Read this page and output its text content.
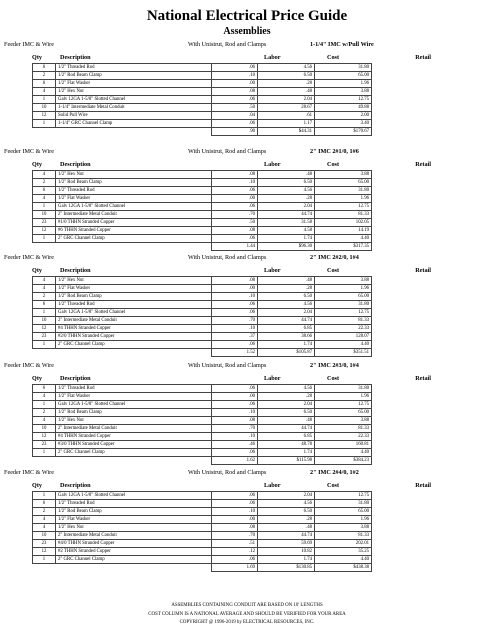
National Electrical Price Guide
Assemblies
Feeder IMC & Wire	With Unistrut, Rod and Clamps	1-1/4" IMC w/Pull Wire
Qty	Description	Labor	Cost	Retail
6	1/2" Threaded Rod	.06	4.56	31.80
2	1/2" Rod Beam Clamp	.10	6.50	65.00
6	1/2" Flat Washer	.00	.28	1.96
4	1/2" Hex Nut	.08	.48	3.88
1	Galv 12GA 1-5/8" Slotted Channel	.06	2.04	12.75
10	1-1/4" Intermediate Metal Conduit	.50	28.67	49.88
12	Solid Pull Wire	.04	.61	2.00
1	1-1/4" GRC Channel Clamp	.06	1.17	3.40
		.90	$44.31	$170.67
Feeder IMC & Wire	With Unistrut, Rod and Clamps	2" IMC 2#1/0, 1#6
Qty	Description	Labor	Cost	Retail
4	1/2" Hex Nut	.08	.48	3.88
2	1/2" Rod Beam Clamp	.10	6.50	65.00
6	1/2" Threaded Rod	.06	4.56	31.80
4	1/2" Flat Washer	.00	.28	1.96
1	Galv 12GA 1-5/8" Slotted Channel	.06	2.04	12.75
10	2" Intermediate Metal Conduit	.70	44.74	81.33
23	#1/0 THHN Stranded Copper	.50	31.58	102.05
12	#6 THHN Stranded Copper	.08	4.58	14.19
1	2" GRC Channel Clamp	.06	1.74	4.40
		1.44	$96.30	$317.35
Feeder IMC & Wire	With Unistrut, Rod and Clamps	2" IMC 2#2/0, 1#4
Qty	Description	Labor	Cost	Retail
4	1/2" Hex Nut	.08	.48	3.88
4	1/2" Flat Washer	.00	.28	1.96
2	1/2" Rod Beam Clamp	.10	6.50	65.00
6	1/2" Threaded Rod	.06	4.56	31.80
1	Galv 12GA 1-5/8" Slotted Channel	.06	2.04	12.75
10	2" Intermediate Metal Conduit	.70	44.74	81.33
12	#4 THHN Stranded Copper	.10	6.85	22.33
23	#2/0 THHN Stranded Copper	.37	38.66	128.07
1	2" GRC Channel Clamp	.06	1.74	4.40
		1.52	$105.87	$351.51
Feeder IMC & Wire	With Unistrut, Rod and Clamps	2" IMC 2#3/0, 1#4
Qty	Description	Labor	Cost	Retail
6	1/2" Threaded Rod	.06	4.56	31.80
4	1/2" Flat Washer	.00	.28	1.96
1	Galv 12GA 1-5/8" Slotted Channel	.06	2.04	12.75
2	1/2" Rod Beam Clamp	.10	6.50	65.00
4	1/2" Hex Nut	.08	.48	3.88
10	2" Intermediate Metal Conduit	.70	44.74	81.33
12	#4 THHN Stranded Copper	.10	6.85	22.33
23	#3/0 THHN Stranded Copper	.46	48.78	160.81
1	2" GRC Channel Clamp	.06	1.74	4.40
		1.62	$115.98	$384.23
Feeder IMC & Wire	With Unistrut, Rod and Clamps	2" IMC 2#4/0, 1#2
Qty	Description	Labor	Cost	Retail
1	Galv 12GA 1-5/8" Slotted Channel	.06	2.04	12.75
6	1/2" Threaded Rod	.06	4.56	31.80
2	1/2" Rod Beam Clamp	.10	6.50	65.00
4	1/2" Flat Washer	.00	.28	1.96
4	1/2" Hex Nut	.08	.48	3.88
10	2" Intermediate Metal Conduit	.70	44.74	81.33
23	#4/0 THHN Stranded Copper	.51	59.69	202.01
12	#2 THHN Stranded Copper	.12	10.82	35.25
1	2" GRC Channel Clamp	.06	1.74	4.40
		1.69	$130.85	$438.38
ASSEMBLIES CONTAINING CONDUIT ARE BASED ON 10' LENGTHS
COST COLUMN IS A NATIONAL AVERAGE AND SHOULD BE VERIFIED FOR YOUR AREA
COPYRIGHT @ 1996-2019 by ELECTRICAL RESOURCES, INC.
